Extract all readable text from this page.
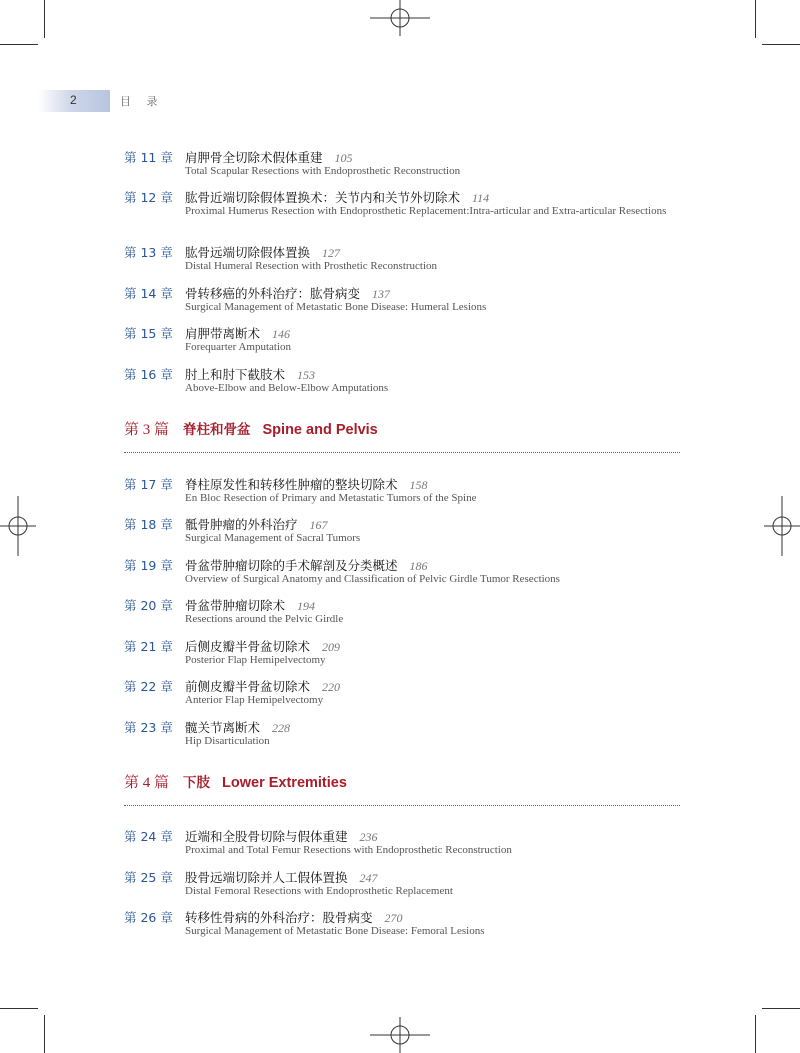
2	目 录
第 11 章 肩胛骨全切除术假体重建 105
Total Scapular Resections with Endoprosthetic Reconstruction
第 12 章 肱骨近端切除假体置换术：关节内和关节外切除术 114
Proximal Humerus Resection with Endoprosthetic Replacement:Intra-articular and Extra-articular Resections
第 13 章 肱骨远端切除假体置换 127
Distal Humeral Resection with Prosthetic Reconstruction
第 14 章 骨转移癌的外科治疗：肱骨病变 137
Surgical Management of Metastatic Bone Disease: Humeral Lesions
第 15 章 肩胛带离断术 146
Forequarter Amputation
第 16 章 肘上和肘下截肢术 153
Above-Elbow and Below-Elbow Amputations
第 3 篇 脊柱和骨盆 Spine and Pelvis
第 17 章 脊柱原发性和转移性肿瘤的整块切除术 158
En Bloc Resection of Primary and Metastatic Tumors of the Spine
第 18 章 骶骨肿瘤的外科治疗 167
Surgical Management of Sacral Tumors
第 19 章 骨盆带肿瘤切除的手术解剖及分类概述 186
Overview of Surgical Anatomy and Classification of Pelvic Girdle Tumor Resections
第 20 章 骨盆带肿瘤切除术 194
Resections around the Pelvic Girdle
第 21 章 后侧皮瓣半骨盆切除术 209
Posterior Flap Hemipelvectomy
第 22 章 前侧皮瓣半骨盆切除术 220
Anterior Flap Hemipelvectomy
第 23 章 髋关节离断术 228
Hip Disarticulation
第 4 篇 下肢 Lower Extremities
第 24 章 近端和全股骨切除与假体重建 236
Proximal and Total Femur Resections with Endoprosthetic Reconstruction
第 25 章 股骨远端切除并人工假体置换 247
Distal Femoral Resections with Endoprosthetic Replacement
第 26 章 转移性骨病的外科治疗：股骨病变 270
Surgical Management of Metastatic Bone Disease: Femoral Lesions
